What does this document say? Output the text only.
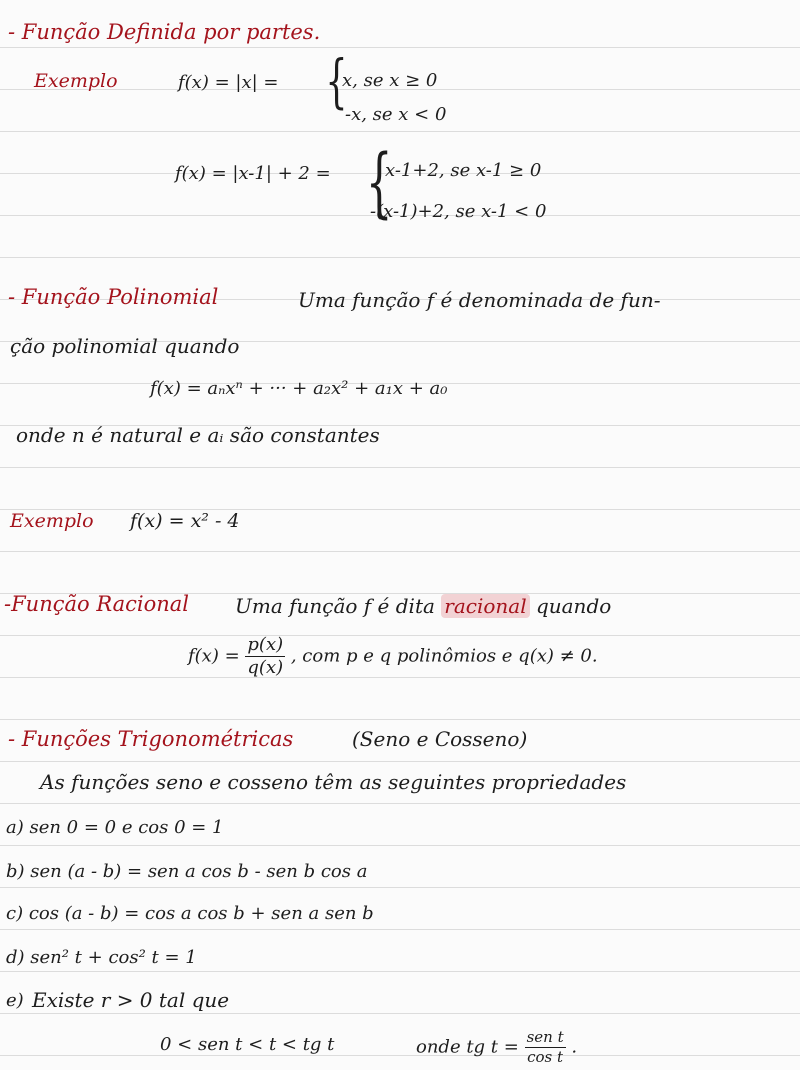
- Função Definida por partes.
Exemplo	f(x) = |x| = {
x, se x ≥ 0
-x, se x < 0
f(x) = |x-1| + 2 = {
x-1+2, se x-1 ≥ 0
-(x-1)+2, se x-1 < 0
- Função Polinomial	Uma função f é denominada de fun-
ção polinomial quando
f(x) = aₙxⁿ + ··· + a₂x² + a₁x + a₀
onde n é natural e aᵢ são constantes
Exemplo f(x) = x² - 4
-Função Racional Uma função f é dita racional quando
$f(x) = \frac{p(x)}{q(x)}$ , com p e q polinômios e q(x) ≠ 0.
- Funções Trigonométricas	(Seno e Cosseno)
As funções seno e cosseno têm as seguintes propriedades
a) sen 0 = 0 e cos 0 = 1
b) sen (a - b) = sen a cos b - sen b cos a
c) cos (a - b) = cos a cos b + sen a sen b
d) sen² t + cos² t = 1
e) Existe r > 0 tal que
0 < sen t < t < tg t	onde tg $t = \frac{\text{sen t}}{\text{cos t}}$ .
